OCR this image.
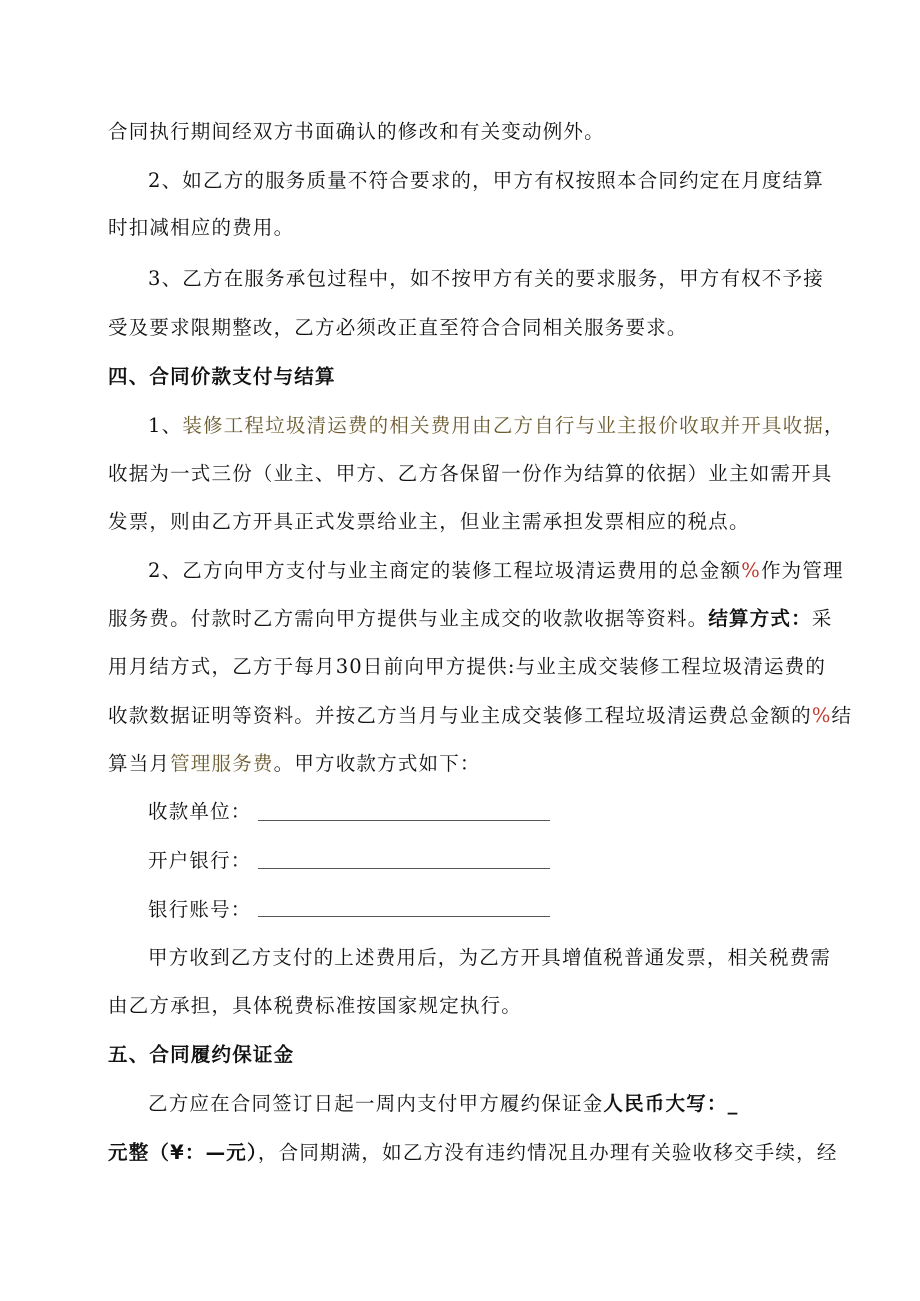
合同执行期间经双方书面确认的修改和有关变动例外。
2、如乙方的服务质量不符合要求的，甲方有权按照本合同约定在月度结算
时扣减相应的费用。
3、乙方在服务承包过程中，如不按甲方有关的要求服务，甲方有权不予接
受及要求限期整改，乙方必须改正直至符合合同相关服务要求。
四、合同价款支付与结算
1、装修工程垃圾清运费的相关费用由乙方自行与业主报价收取并开具收据，
收据为一式三份（业主、甲方、乙方各保留一份作为结算的依据）业主如需开具
发票，则由乙方开具正式发票给业主，但业主需承担发票相应的税点。
2、乙方向甲方支付与业主商定的装修工程垃圾清运费用的总金额%作为管理
服务费。付款时乙方需向甲方提供与业主成交的收款收据等资料。结算方式：采
用月结方式，乙方于每月30日前向甲方提供:与业主成交装修工程垃圾清运费的
收款数据证明等资料。并按乙方当月与业主成交装修工程垃圾清运费总金额的%结
算当月管理服务费。甲方收款方式如下：
收款单位：
开户银行：
银行账号：
甲方收到乙方支付的上述费用后，为乙方开具增值税普通发票，相关税费需
由乙方承担，具体税费标准按国家规定执行。
五、合同履约保证金
乙方应在合同签订日起一周内支付甲方履约保证金人民币大写：_
元整（¥：—元），合同期满，如乙方没有违约情况且办理有关验收移交手续，经
